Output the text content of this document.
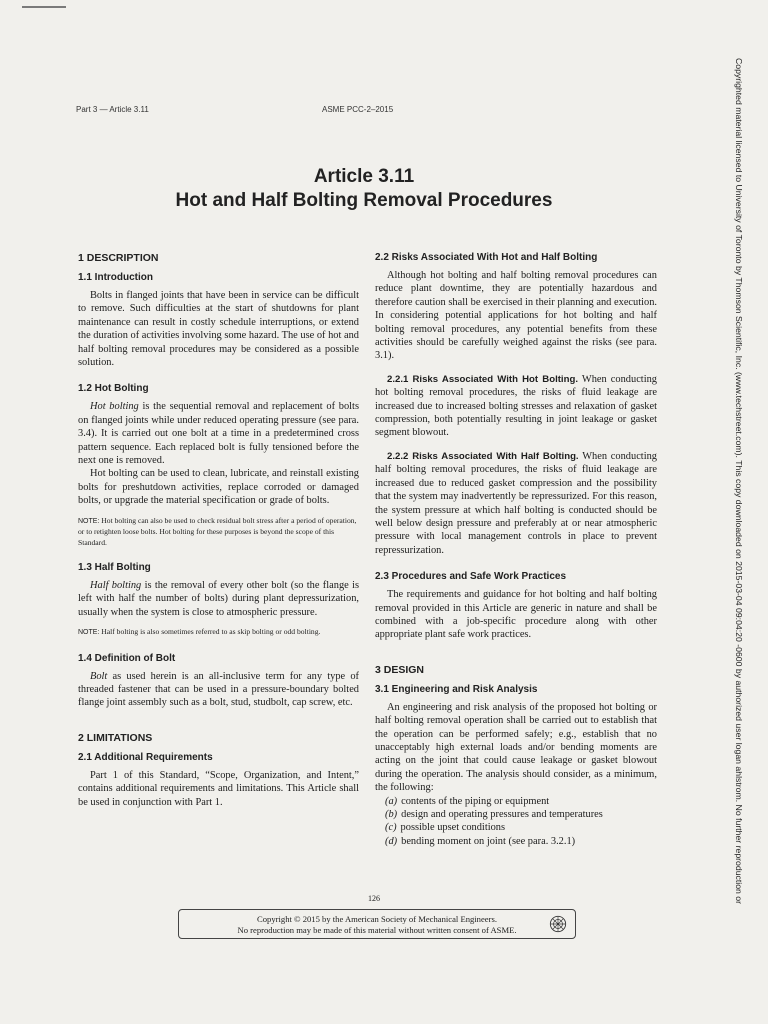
Part 3 — Article 3.11	ASME PCC-2–2015
Article 3.11
Hot and Half Bolting Removal Procedures
1 DESCRIPTION
1.1 Introduction

Bolts in flanged joints that have been in service can be difficult to remove. Such difficulties at the start of shutdowns for plant maintenance can result in costly schedule interruptions, or extend the duration of activities involving some hazard. The use of hot and half bolting removal procedures may be considered as a possible solution.

1.2 Hot Bolting

Hot bolting is the sequential removal and replacement of bolts on flanged joints while under reduced operating pressure (see para. 3.4). It is carried out one bolt at a time in a predetermined cross pattern sequence. Each replaced bolt is fully tensioned before the next one is removed.

Hot bolting can be used to clean, lubricate, and reinstall existing bolts for preshutdown activities, replace corroded or damaged bolts, or upgrade the material specification or grade of bolts.

NOTE: Hot bolting can also be used to check residual bolt stress after a period of operation, or to retighten loose bolts. Hot bolting for these purposes is beyond the scope of this Standard.

1.3 Half Bolting

Half bolting is the removal of every other bolt (so the flange is left with half the number of bolts) during plant depressurization, usually when the system is close to atmospheric pressure.

NOTE: Half bolting is also sometimes referred to as skip bolting or odd bolting.

1.4 Definition of Bolt

Bolt as used herein is an all-inclusive term for any type of threaded fastener that can be used in a pressure-boundary bolted flange joint assembly such as a bolt, stud, studbolt, cap screw, etc.

2 LIMITATIONS
2.1 Additional Requirements

Part 1 of this Standard, “Scope, Organization, and Intent,” contains additional requirements and limitations. This Article shall be used in conjunction with Part 1.

2.2 Risks Associated With Hot and Half Bolting

Although hot bolting and half bolting removal procedures can reduce plant downtime, they are potentially hazardous and therefore caution shall be exercised in their planning and execution. In considering potential applications for hot bolting and half bolting removal procedures, any potential benefits from these activities should be carefully weighed against the risks (see para. 3.1).

2.2.1 Risks Associated With Hot Bolting. When conducting hot bolting removal procedures, the risks of fluid leakage are increased due to increased bolting stresses and relaxation of gasket compression, both potentially resulting in joint leakage or gasket segment blowout.

2.2.2 Risks Associated With Half Bolting. When conducting half bolting removal procedures, the risks of fluid leakage are increased due to reduced gasket compression and the possibility that the system may inadvertently be repressurized. For this reason, the system pressure at which half bolting is conducted should be well below design pressure and preferably at or near atmospheric pressure with local management controls in place to prevent repressurization.

2.3 Procedures and Safe Work Practices

The requirements and guidance for hot bolting and half bolting removal provided in this Article are generic in nature and shall be combined with a job-specific procedure along with other appropriate plant safe work practices.

3 DESIGN
3.1 Engineering and Risk Analysis

An engineering and risk analysis of the proposed hot bolting or half bolting removal operation shall be carried out to establish that the operation can be performed safely; e.g., establish that no unacceptably high external loads and/or bending moments are acting on the joint that could cause leakage or gasket blowout during the operation. The analysis should consider, as a minimum, the following:

(a) contents of the piping or equipment
(b) design and operating pressures and temperatures
(c) possible upset conditions
(d) bending moment on joint (see para. 3.2.1)
126
Copyright © 2015 by the American Society of Mechanical Engineers.
No reproduction may be made of this material without written consent of ASME.
Copyrighted material licensed to University of Toronto by Thomson Scientific, Inc. (www.techstreet.com). This copy downloaded on 2015-03-04 09:04:20 -0600 by authorized user logan ahlstrom. No further reproduction or
